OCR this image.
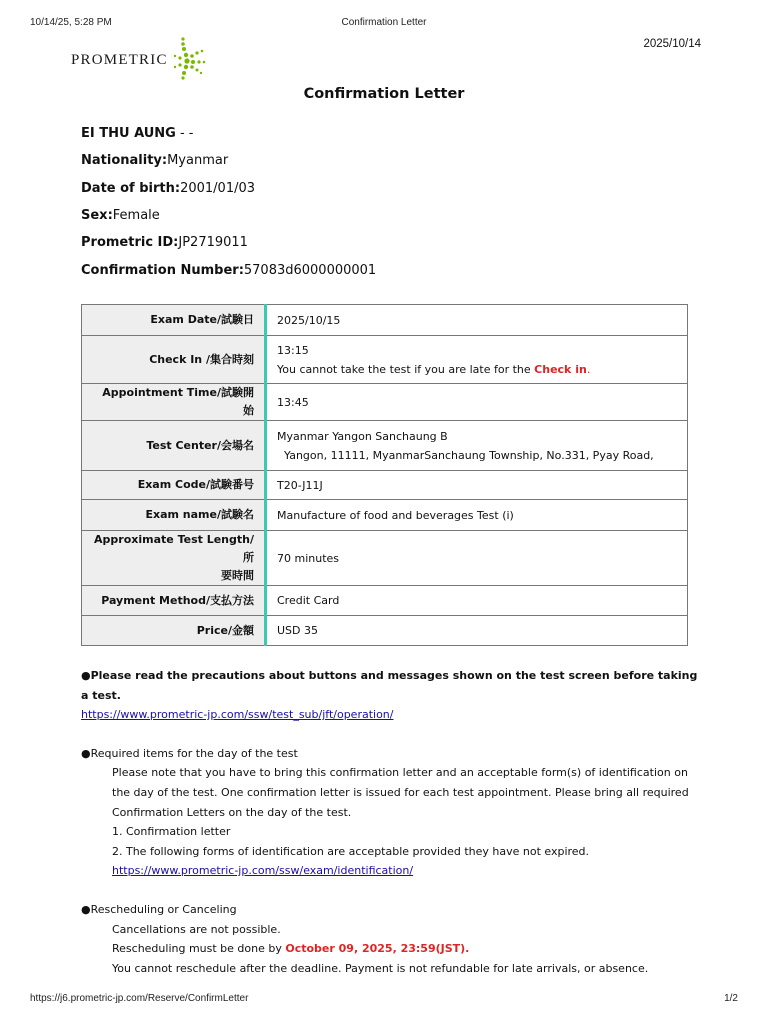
10/14/25, 5:28 PM	Confirmation Letter
PROMETRIC
2025/10/14
Confirmation Letter
EI THU AUNG - -
Nationality:Myanmar
Date of birth:2001/01/03
Sex:Female
Prometric ID:JP2719011
Confirmation Number:57083d6000000001
Exam Date/試験日	2025/10/15
Check In /集合時刻	13:15
You cannot take the test if you are late for the Check in.

Appointment Time/試験開始	13:45
Test Center/会場名	Myanmar Yangon Sanchaung B
Yangon, 11111, MyanmarSanchaung Township, No.331, Pyay Road,

Exam Code/試験番号	T20-J11J
Exam name/試験名	Manufacture of food and beverages Test (i)

Approximate Test Length/所
要時間	70 minutes
Payment Method/支払方法	Credit Card
Price/金額	USD 35
●Please read the precautions about buttons and messages shown on the test screen before taking a test.
https://www.prometric-jp.com/ssw/test_sub/jft/operation/
●Required items for the day of the test
Please note that you have to bring this confirmation letter and an acceptable form(s) of identification on the day of the test. One confirmation letter is issued for each test appointment. Please bring all required Confirmation Letters on the day of the test.
1. Confirmation letter
2. The following forms of identification are acceptable provided they have not expired.
https://www.prometric-jp.com/ssw/exam/identification/
●Rescheduling or Canceling
Cancellations are not possible.
Rescheduling must be done by October 09, 2025, 23:59(JST).
You cannot reschedule after the deadline. Payment is not refundable for late arrivals, or absence.
https://j6.prometric-jp.com/Reserve/ConfirmLetter	1/2
